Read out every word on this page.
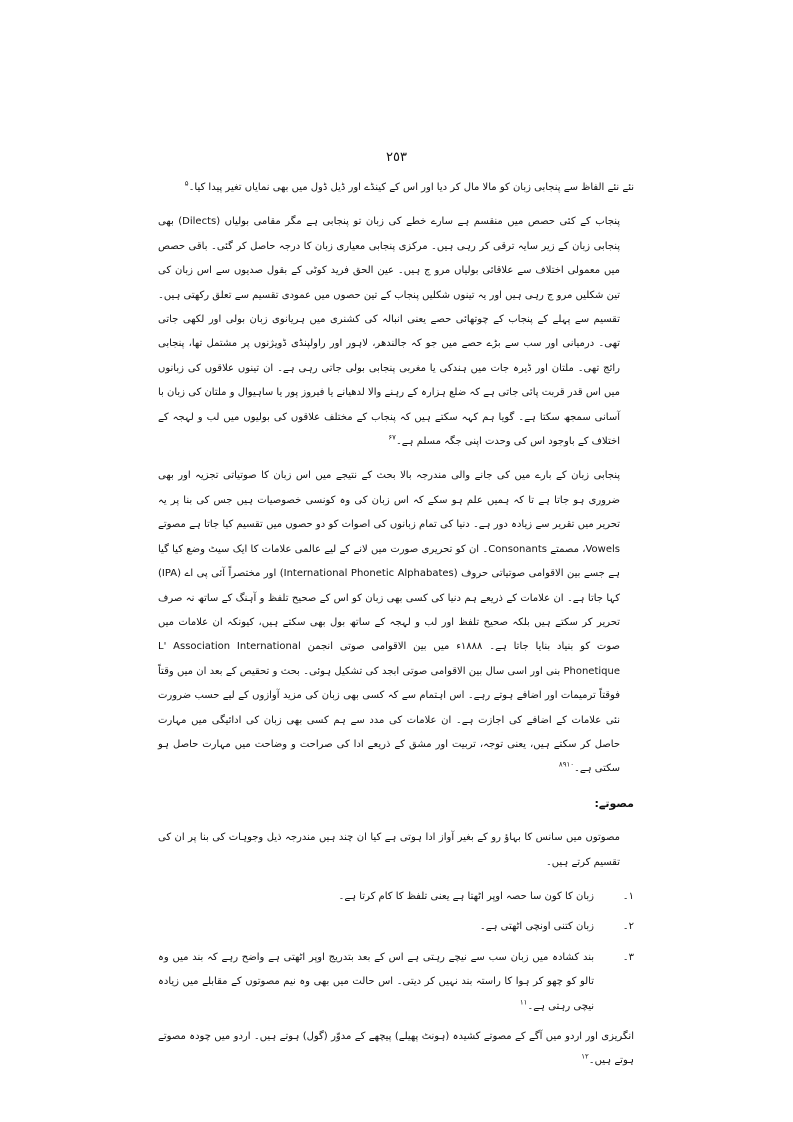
٢٥٣

نئے نئے الفاظ سے پنجابی زبان کو مالا مال کر دیا اور اس کے کینڈے اور ڈیل ڈول میں بھی نمایاں تغیر پیدا کیا۔$^۵$

پنجاب کے کئی حصص میں منقسم ہے سارے خطے کی زبان تو پنجابی ہے مگر مقامی بولیاں (Dilects) بھی پنجابی زبان کے زیر سایہ ترقی کر رہی ہیں۔ مرکزی پنجابی معیاری زبان کا درجہ حاصل کر گئی۔ باقی حصص میں معمولی اختلاف سے علاقائی بولیاں مرو ج ہیں۔ عین الحق فرید کوٹی کے بقول صدیوں سے اس زبان کی تین شکلیں مرو ج رہی ہیں اور یہ تینوں شکلیں پنجاب کے تین حصوں میں عمودی تقسیم سے تعلق رکھتی ہیں۔ تقسیم سے پہلے کے پنجاب کے چوتھائی حصے یعنی انبالہ کی کشنری میں ہریانوی زبان بولی اور لکھی جاتی تھی۔ درمیانی اور سب سے بڑے حصے میں جو کہ جالندھر، لاہور اور راولپنڈی ڈویژنوں پر مشتمل تھا، پنجابی رائج تھی۔ ملتان اور ڈیرہ جات میں ہندکی یا مغربی پنجابی بولی جاتی رہی ہے۔ ان تینوں علاقوں کی زبانوں میں اس قدر قربت پائی جاتی ہے کہ ضلع ہزارہ کے رہنے والا لدھیانے یا فیروز پور یا ساہیوال و ملتان کی زبان با آسانی سمجھ سکتا ہے۔ گویا ہم کہہ سکتے ہیں کہ پنجاب کے مختلف علاقوں کی بولیوں میں لب و لہجہ کے اختلاف کے باوجود اس کی وحدت اپنی جگہ مسلم ہے۔$^{۶۷}$

پنجابی زبان کے بارے میں کی جانے والی مندرجہ بالا بحث کے نتیجے میں اس زبان کا صوتیاتی تجزیہ اور بھی ضروری ہو جاتا ہے تا کہ ہمیں علم ہو سکے کہ اس زبان کی وہ کونسی خصوصیات ہیں جس کی بنا پر یہ تحریر میں تقریر سے زیادہ دور ہے۔ دنیا کی تمام زبانوں کی اصوات کو دو حصوں میں تقسیم کیا جاتا ہے مصوتے Vowels، مصمتے Consonants۔ ان کو تحریری صورت میں لانے کے لیے عالمی علامات کا ایک سیٹ وضع کیا گیا ہے جسے بین الاقوامی صوتیاتی حروف (International Phonetic Alphabates) اور مختصراً آئی پی اے (IPA) کہا جاتا ہے۔ ان علامات کے ذریعے ہم دنیا کی کسی بھی زبان کو اس کے صحیح تلفظ و آہنگ کے ساتھ نہ صرف تحریر کر سکتے ہیں بلکہ صحیح تلفظ اور لب و لہجہ کے ساتھ بول بھی سکتے ہیں، کیونکہ ان علامات میں صوت کو بنیاد بنایا جاتا ہے۔ ١٨٨٨ء میں بین الاقوامی صوتی انجمن L' Association International Phonetique بنی اور اسی سال بین الاقوامی صوتی ابجد کی تشکیل ہوئی۔ بحث و تحقیص کے بعد ان میں وقتاً فوقتاً ترمیمات اور اضافے ہوتے رہے۔ اس اہتمام سے کہ کسی بھی زبان کی مزید آوازوں کے لیے حسب ضرورت نئی علامات کے اضافے کی اجازت ہے۔ ان علامات کی مدد سے ہم کسی بھی زبان کی ادائیگی میں مہارت حاصل کر سکتے ہیں، یعنی توجہ، تربیت اور مشق کے ذریعے ادا کی صراحت و وضاحت میں مہارت حاصل ہو سکتی ہے۔$^{٨۹١٠}$

مصوتے:

مصوتوں میں سانس کا بہاؤ رو کے بغیر آواز ادا ہوتی ہے کیا ان چند ہیں مندرجہ ذیل وجوہات کی بنا پر ان کی تقسیم کرتے ہیں۔

١۔
زبان کا کون سا حصہ اوپر اٹھتا ہے یعنی تلفظ کا کام کرتا ہے۔
٢۔
زبان کتنی اونچی اٹھتی ہے۔
٣۔
بند کشادہ میں زبان سب سے نیچے رہتی ہے اس کے بعد بتدریج اوپر اٹھتی ہے واضح رہے کہ بند میں وہ تالو کو چھو کر ہوا کا راستہ بند نہیں کر دیتی۔ اس حالت میں بھی وہ نیم مصوتوں کے مقابلے میں زیادہ نیچی رہتی ہے۔$^{١١}$

انگریزی اور اردو میں آگے کے مصوتے کشیدہ (ہونٹ پھیلے) پیچھے کے مدوّر (گول) ہوتے ہیں۔ اردو میں چودہ مصوتے ہوتے ہیں۔$^{١٢}$
